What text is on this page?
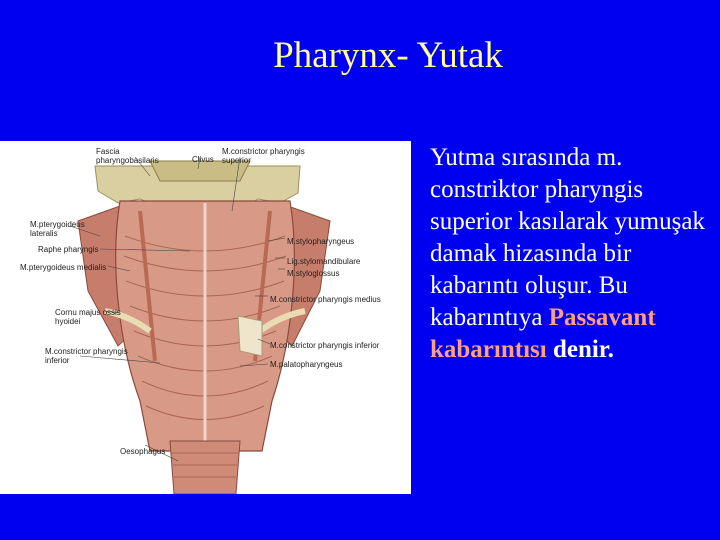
Pharynx- Yutak
Fascia
pharyngobasilaris	Clivus
M.constrictor pharyngis
superior
M.pterygoideus
lateralis
Raphe pharyngis
M.stylopharyngeus
Lig.stylomandibulare
M.pterygoideus medialis
M.styloglossus
M.constrictor pharyngis medius
Cornu majus ossis
hyoidei
M.constrictor pharyngis inferior
M.constrictor pharyngis
inferior	M.palatopharyngeus
Oesophagus
Yutma sırasında m. constriktor pharyngis superior kasılarak yumuşak damak hizasında bir kabarıntı oluşur. Bu kabarıntıya Passavant kabarıntısı denir.
